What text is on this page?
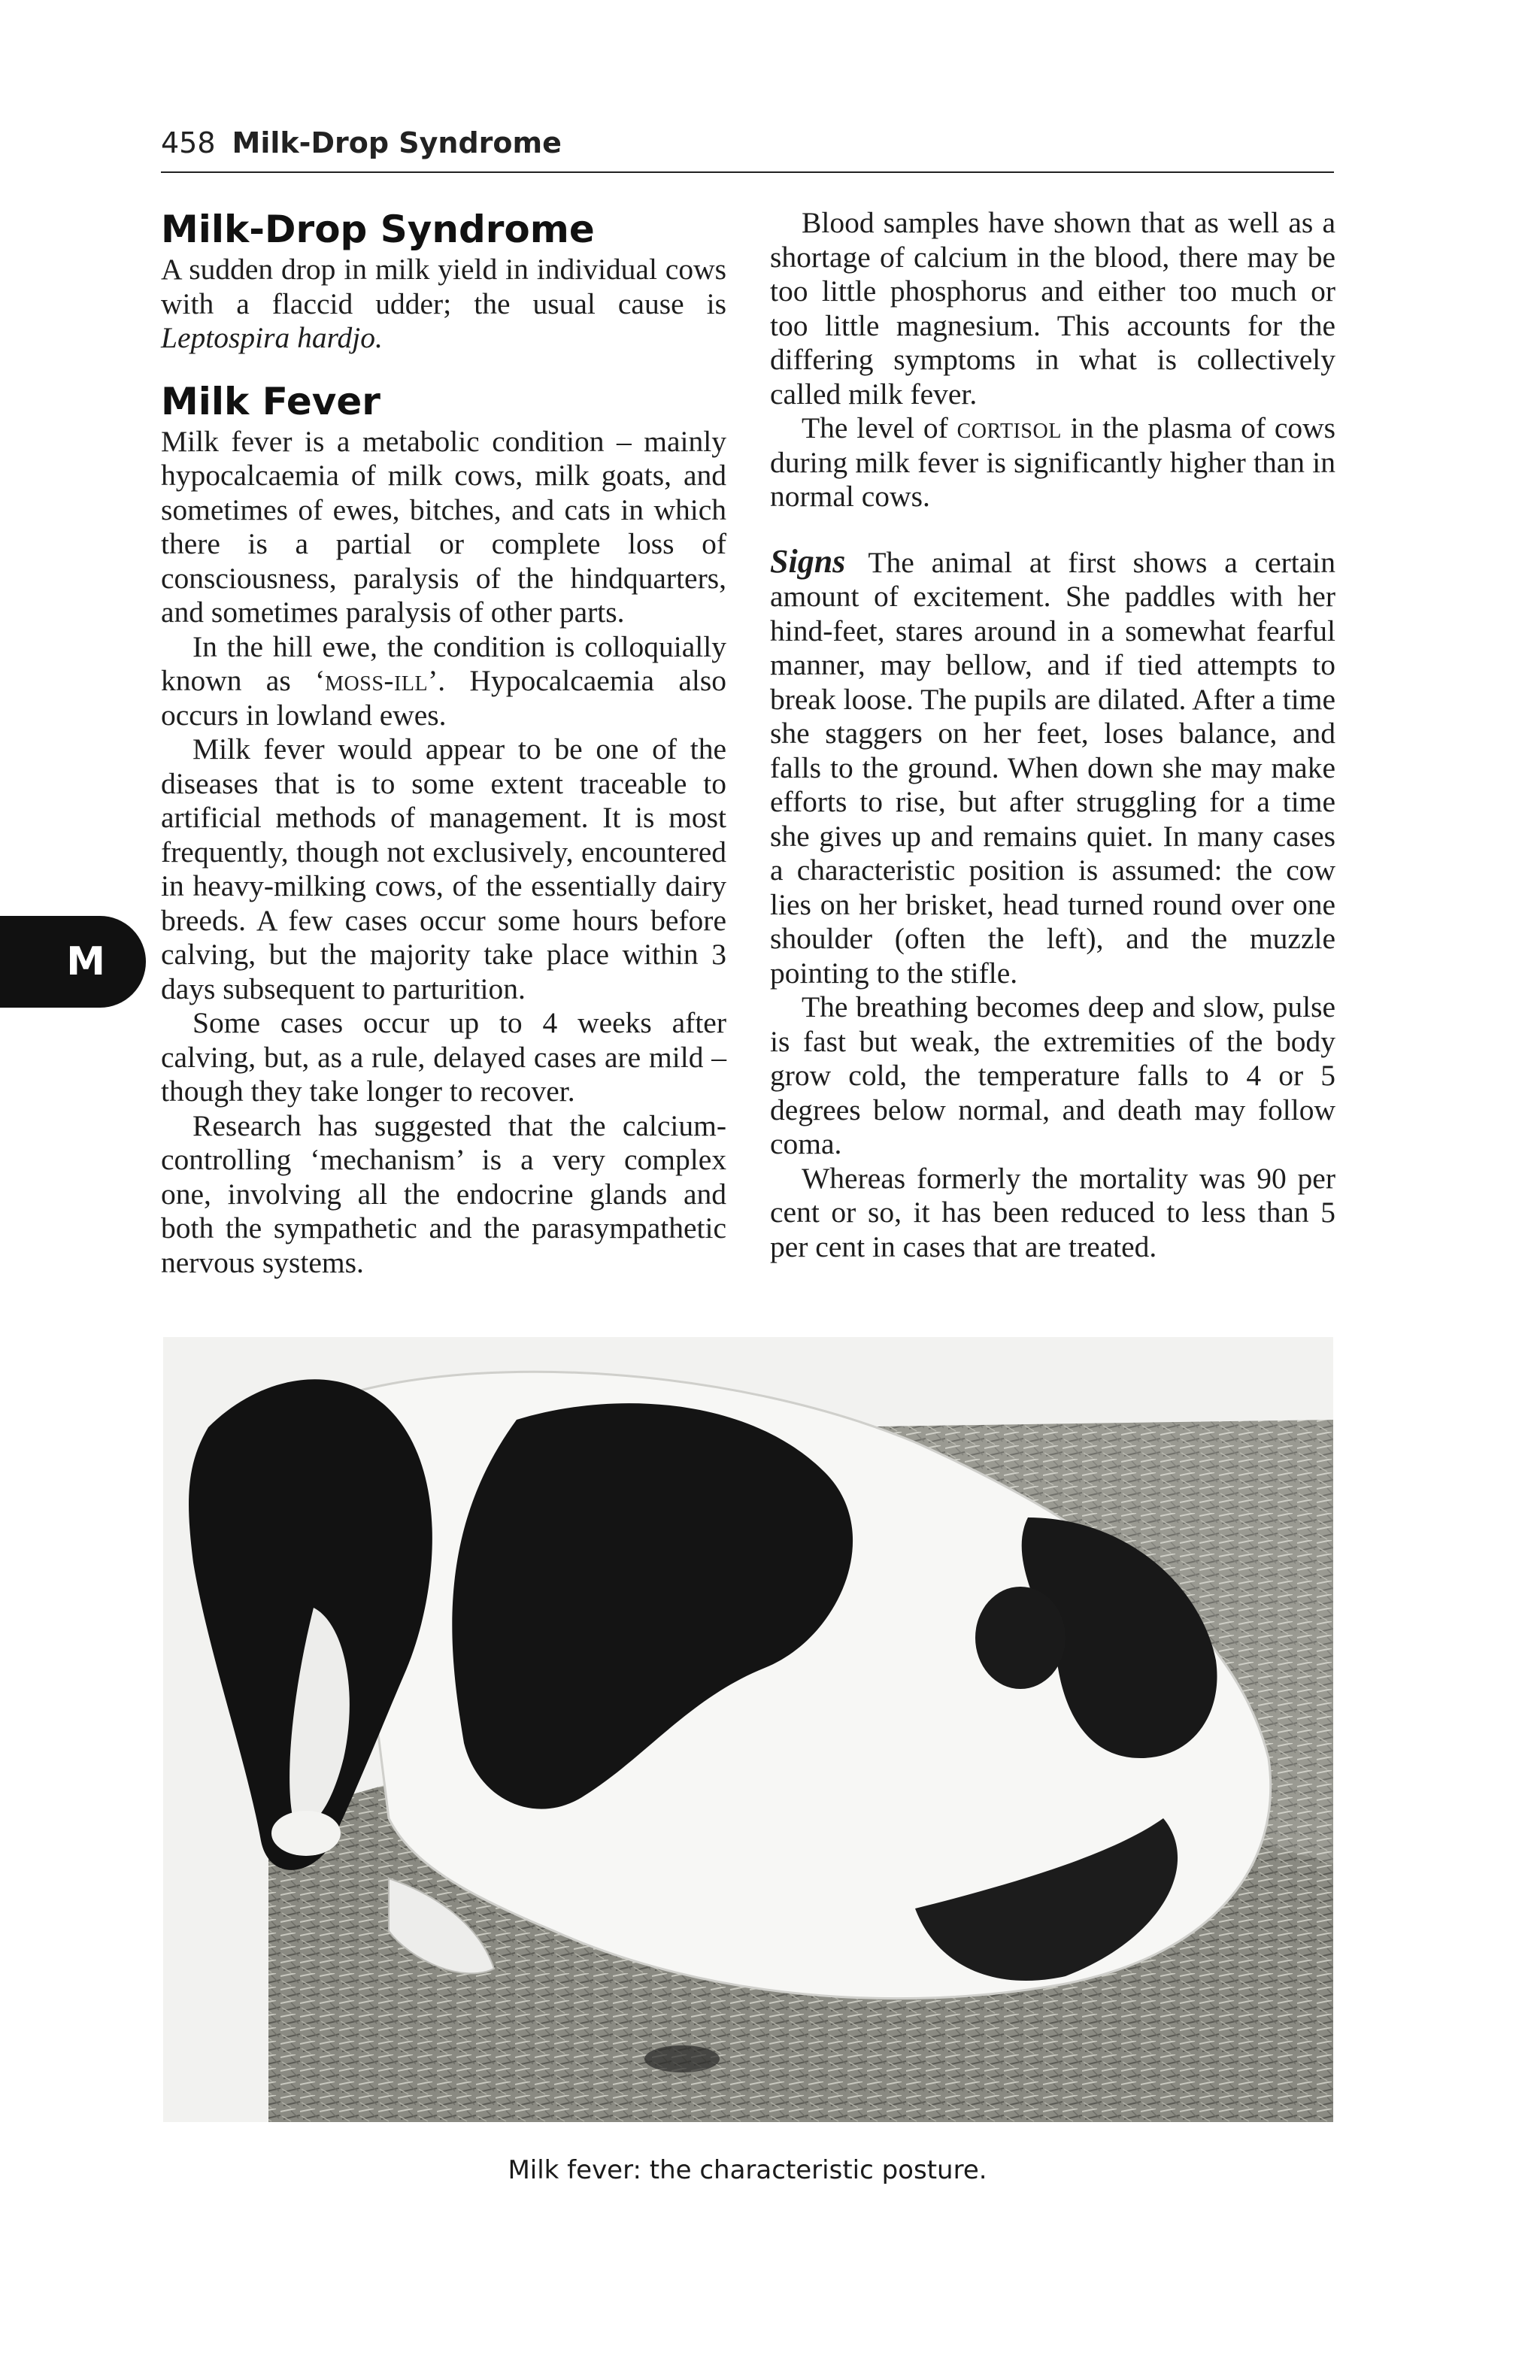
458 Milk-Drop Syndrome
Milk-Drop Syndrome

A sudden drop in milk yield in individual cows with a flaccid udder; the usual cause is Leptospira hardjo.

Milk Fever

Milk fever is a metabolic condition – mainly hypocalcaemia of milk cows, milk goats, and sometimes of ewes, bitches, and cats in which there is a partial or complete loss of consciousness, paralysis of the hindquarters, and sometimes paralysis of other parts.

In the hill ewe, the condition is colloquially known as ‘moss-ill’. Hypocalcaemia also occurs in lowland ewes.

Milk fever would appear to be one of the diseases that is to some extent traceable to artificial methods of management. It is most frequently, though not exclusively, encountered in heavy-milking cows, of the essentially dairy breeds. A few cases occur some hours before calving, but the majority take place within 3 days subsequent to parturition.

Some cases occur up to 4 weeks after calving, but, as a rule, delayed cases are mild – though they take longer to recover.

Research has suggested that the calcium-controlling ‘mechanism’ is a very complex one, involving all the endocrine glands and both the sympathetic and the parasympathetic nervous systems.

Blood samples have shown that as well as a shortage of calcium in the blood, there may be too little phosphorus and either too much or too little magnesium. This accounts for the differing symptoms in what is collectively called milk fever.

The level of cortisol in the plasma of cows during milk fever is significantly higher than in normal cows.

Signs The animal at first shows a certain amount of excitement. She paddles with her hind-feet, stares around in a somewhat fearful manner, may bellow, and if tied attempts to break loose. The pupils are dilated. After a time she staggers on her feet, loses balance, and falls to the ground. When down she may make efforts to rise, but after struggling for a time she gives up and remains quiet. In many cases a characteristic position is assumed: the cow lies on her brisket, head turned round over one shoulder (often the left), and the muzzle pointing to the stifle.

The breathing becomes deep and slow, pulse is fast but weak, the extremities of the body grow cold, the temperature falls to 4 or 5 degrees below normal, and death may follow coma.

Whereas formerly the mortality was 90 per cent or so, it has been reduced to less than 5 per cent in cases that are treated.

M
Milk fever: the characteristic posture.
